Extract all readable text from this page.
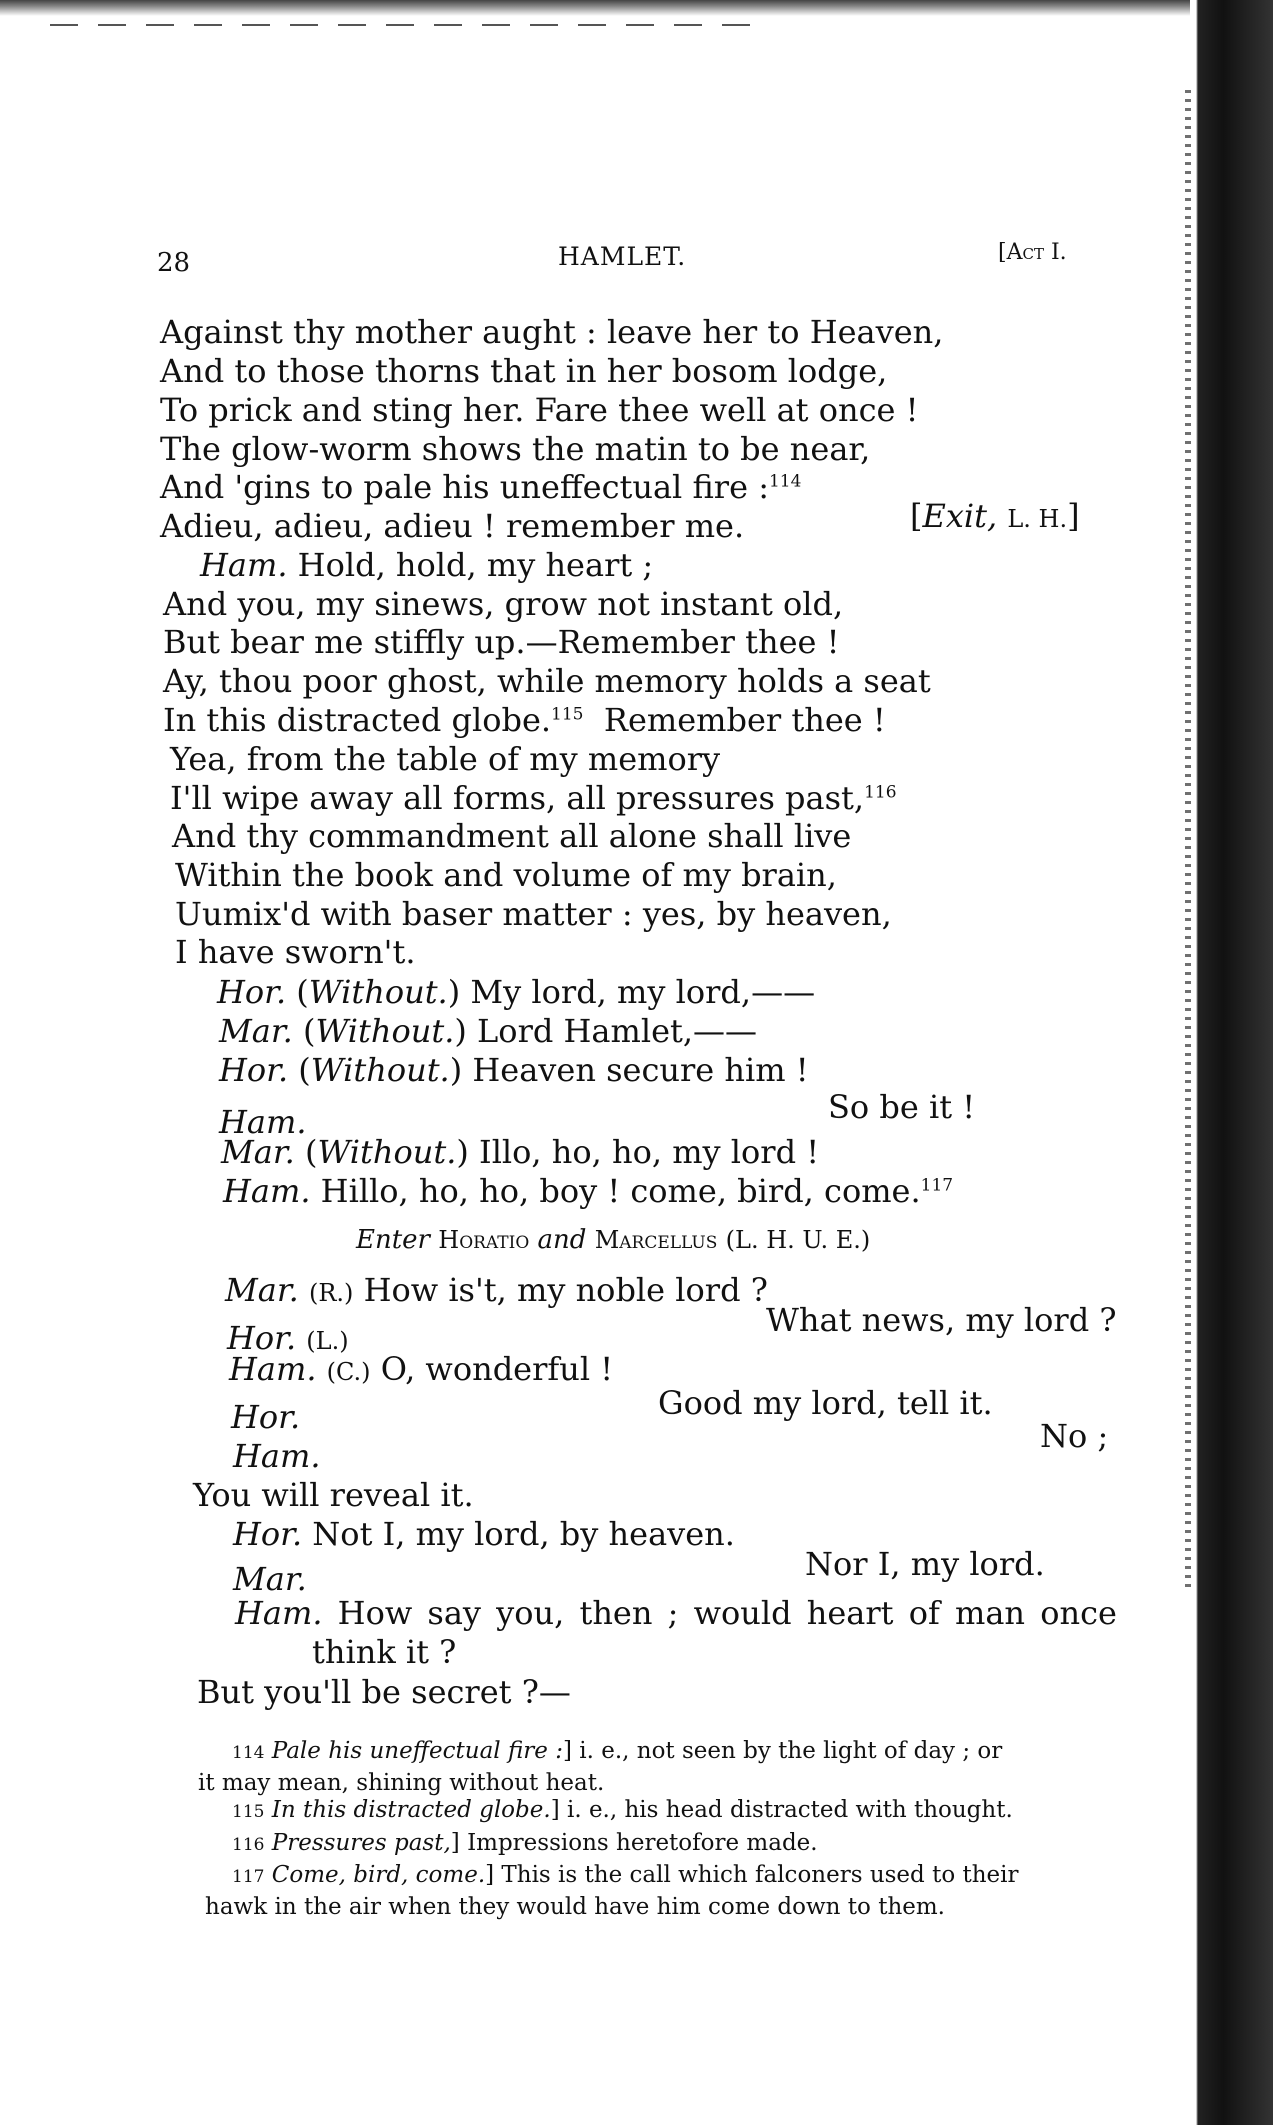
28	HAMLET.	[Act I.
Against thy mother aught : leave her to Heaven,
And to those thorns that in her bosom lodge,
To prick and sting her. Fare thee well at once !
The glow-worm shows the matin to be near,
And 'gins to pale his uneffectual fire :$^{114}$
Adieu, adieu, adieu ! remember me.	[Exit, L. H.]
Ham. Hold, hold, my heart ;
And you, my sinews, grow not instant old,
But bear me stiffly up.—Remember thee !
Ay, thou poor ghost, while memory holds a seat
In this distracted globe.$^{115}$ Remember thee !
Yea, from the table of my memory
I'll wipe away all forms, all pressures past,$^{116}$
And thy commandment all alone shall live
Within the book and volume of my brain,
Uumix'd with baser matter : yes, by heaven,
I have sworn't.
Hor. (Without.) My lord, my lord,——
Mar. (Without.) Lord Hamlet,——
Hor. (Without.) Heaven secure him !
Ham.	So be it !
Mar. (Without.) Illo, ho, ho, my lord !
Ham. Hillo, ho, ho, boy ! come, bird, come.$^{117}$
Enter Horatio and Marcellus (L. H. U. E.)
Mar. (R.) How is't, my noble lord ?
Hor. (L.)
What news, my lord ?
Ham. (C.) O, wonderful !
Hor.	Good my lord, tell it.
Ham.
No ;
You will reveal it.
Hor. Not I, my lord, by heaven.
Mar.	Nor I, my lord.
Ham. How say you, then ; would heart of man once
think it ?
But you'll be secret ?—
114 Pale his uneffectual fire :] i. e., not seen by the light of day ; or
it may mean, shining without heat.
115 In this distracted globe.] i. e., his head distracted with thought.
116 Pressures past,] Impressions heretofore made.
117 Come, bird, come.] This is the call which falconers used to their
hawk in the air when they would have him come down to them.
